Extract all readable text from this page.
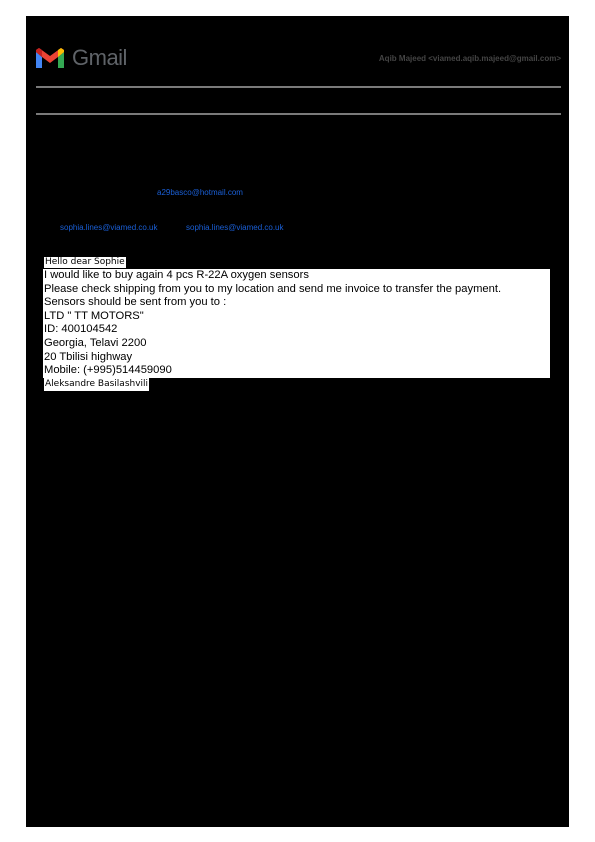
Gmail	Aqib Majeed <viamed.aqib.majeed@gmail.com>
a29basco@hotmail.com
sophia.lines@viamed.co.uk	sophia.lines@viamed.co.uk
Hello dear Sophie
I would like to buy again 4 pcs R-22A oxygen sensors
Please check shipping from you to my location and send me invoice to transfer the payment.
Sensors should be sent from you to :
LTD " TT MOTORS"
ID: 400104542
Georgia, Telavi 2200
20 Tbilisi highway
Mobile: (+995)514459090
Aleksandre Basilashvili
